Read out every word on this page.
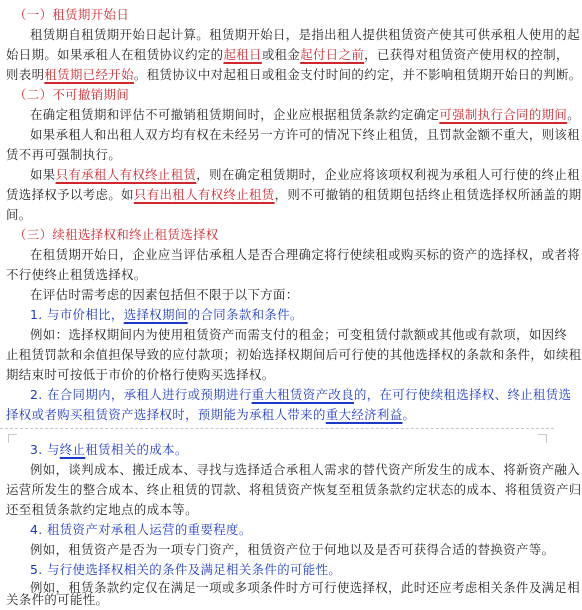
（一）租赁期开始日
租赁期自租赁期开始日起计算。租赁期开始日，是指出租人提供租赁资产使其可供承租人使用的起
始日期。如果承租人在租赁协议约定的起租日或租金起付日之前，已获得对租赁资产使用权的控制，
则表明租赁期已经开始。租赁协议中对起租日或租金支付时间的约定，并不影响租赁期开始日的判断。
（二）不可撤销期间
在确定租赁期和评估不可撤销租赁期间时，企业应根据租赁条款约定确定可强制执行合同的期间。
如果承租人和出租人双方均有权在未经另一方许可的情况下终止租赁，且罚款金额不重大，则该租
赁不再可强制执行。
如果只有承租人有权终止租赁，则在确定租赁期时，企业应将该项权利视为承租人可行使的终止租
赁选择权予以考虑。如只有出租人有权终止租赁，则不可撤销的租赁期包括终止租赁选择权所涵盖的期
间。
（三）续租选择权和终止租赁选择权
在租赁期开始日，企业应当评估承租人是否合理确定将行使续租或购买标的资产的选择权，或者将
不行使终止租赁选择权。
在评估时需考虑的因素包括但不限于以下方面：
1. 与市价相比，选择权期间的合同条款和条件。
例如：选择权期间内为使用租赁资产而需支付的租金；可变租赁付款额或其他或有款项，如因终
止租赁罚款和余值担保导致的应付款项；初始选择权期间后可行使的其他选择权的条款和条件，如续租
期结束时可按低于市价的价格行使购买选择权。
2. 在合同期内，承租人进行或预期进行重大租赁资产改良的，在可行使续租选择权、终止租赁选
择权或者购买租赁资产选择权时，预期能为承租人带来的重大经济利益。
3. 与终止租赁相关的成本。
例如，谈判成本、搬迁成本、寻找与选择适合承租人需求的替代资产所发生的成本、将新资产融入
运营所发生的整合成本、终止租赁的罚款、将租赁资产恢复至租赁条款约定状态的成本、将租赁资产归
还至租赁条款约定地点的成本等。
4. 租赁资产对承租人运营的重要程度。
例如，租赁资产是否为一项专门资产，租赁资产位于何地以及是否可获得合适的替换资产等。
5. 与行使选择权相关的条件及满足相关条件的可能性。
例如，租赁条款约定仅在满足一项或多项条件时方可行使选择权，此时还应考虑相关条件及满足相
关条件的可能性。
